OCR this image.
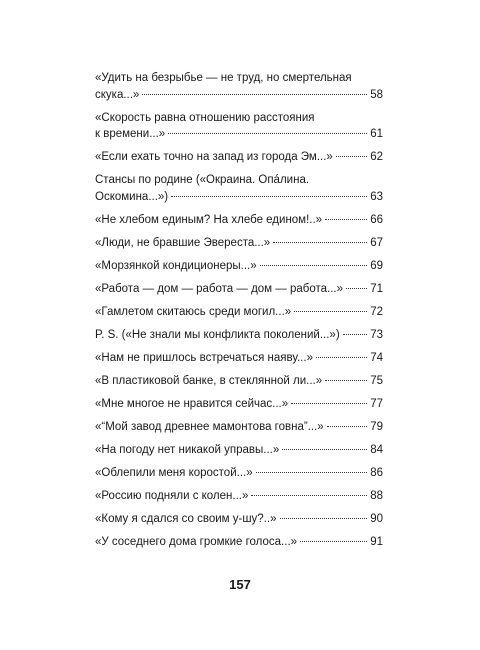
«Удить на безрыбье — не труд, но смертельная
скука...»	58
«Скорость равна отношению расстояния
к времени...»	61
«Если ехать точно на запад из города Эм...»	62
Стансы по родине («Окраина. Опáлина.
Оскомина...»)	63
«Не хлебом единым? На хлебе едином!..»	66
«Люди, не бравшие Эвереста...»	67
«Морзянкой кондиционеры...»	69
«Работа — дом — работа — дом — работа...» 71
«Гамлетом скитаюсь среди могил...»	72
P. S. («Не знали мы конфликта поколений...»)	73
«Нам не пришлось встречаться наяву...»	74
«В пластиковой банке, в стеклянной ли...»	75
«Мне многое не нравится сейчас...»	77
«“Мой завод древнее мамонтова говна”...»	79
«На погоду нет никакой управы...»	84
«Облепили меня коростой...»	86
«Россию подняли с колен...»	88
«Кому я сдался со своим у-шу?..»	90
«У соседнего дома громкие голоса...»	91
157
